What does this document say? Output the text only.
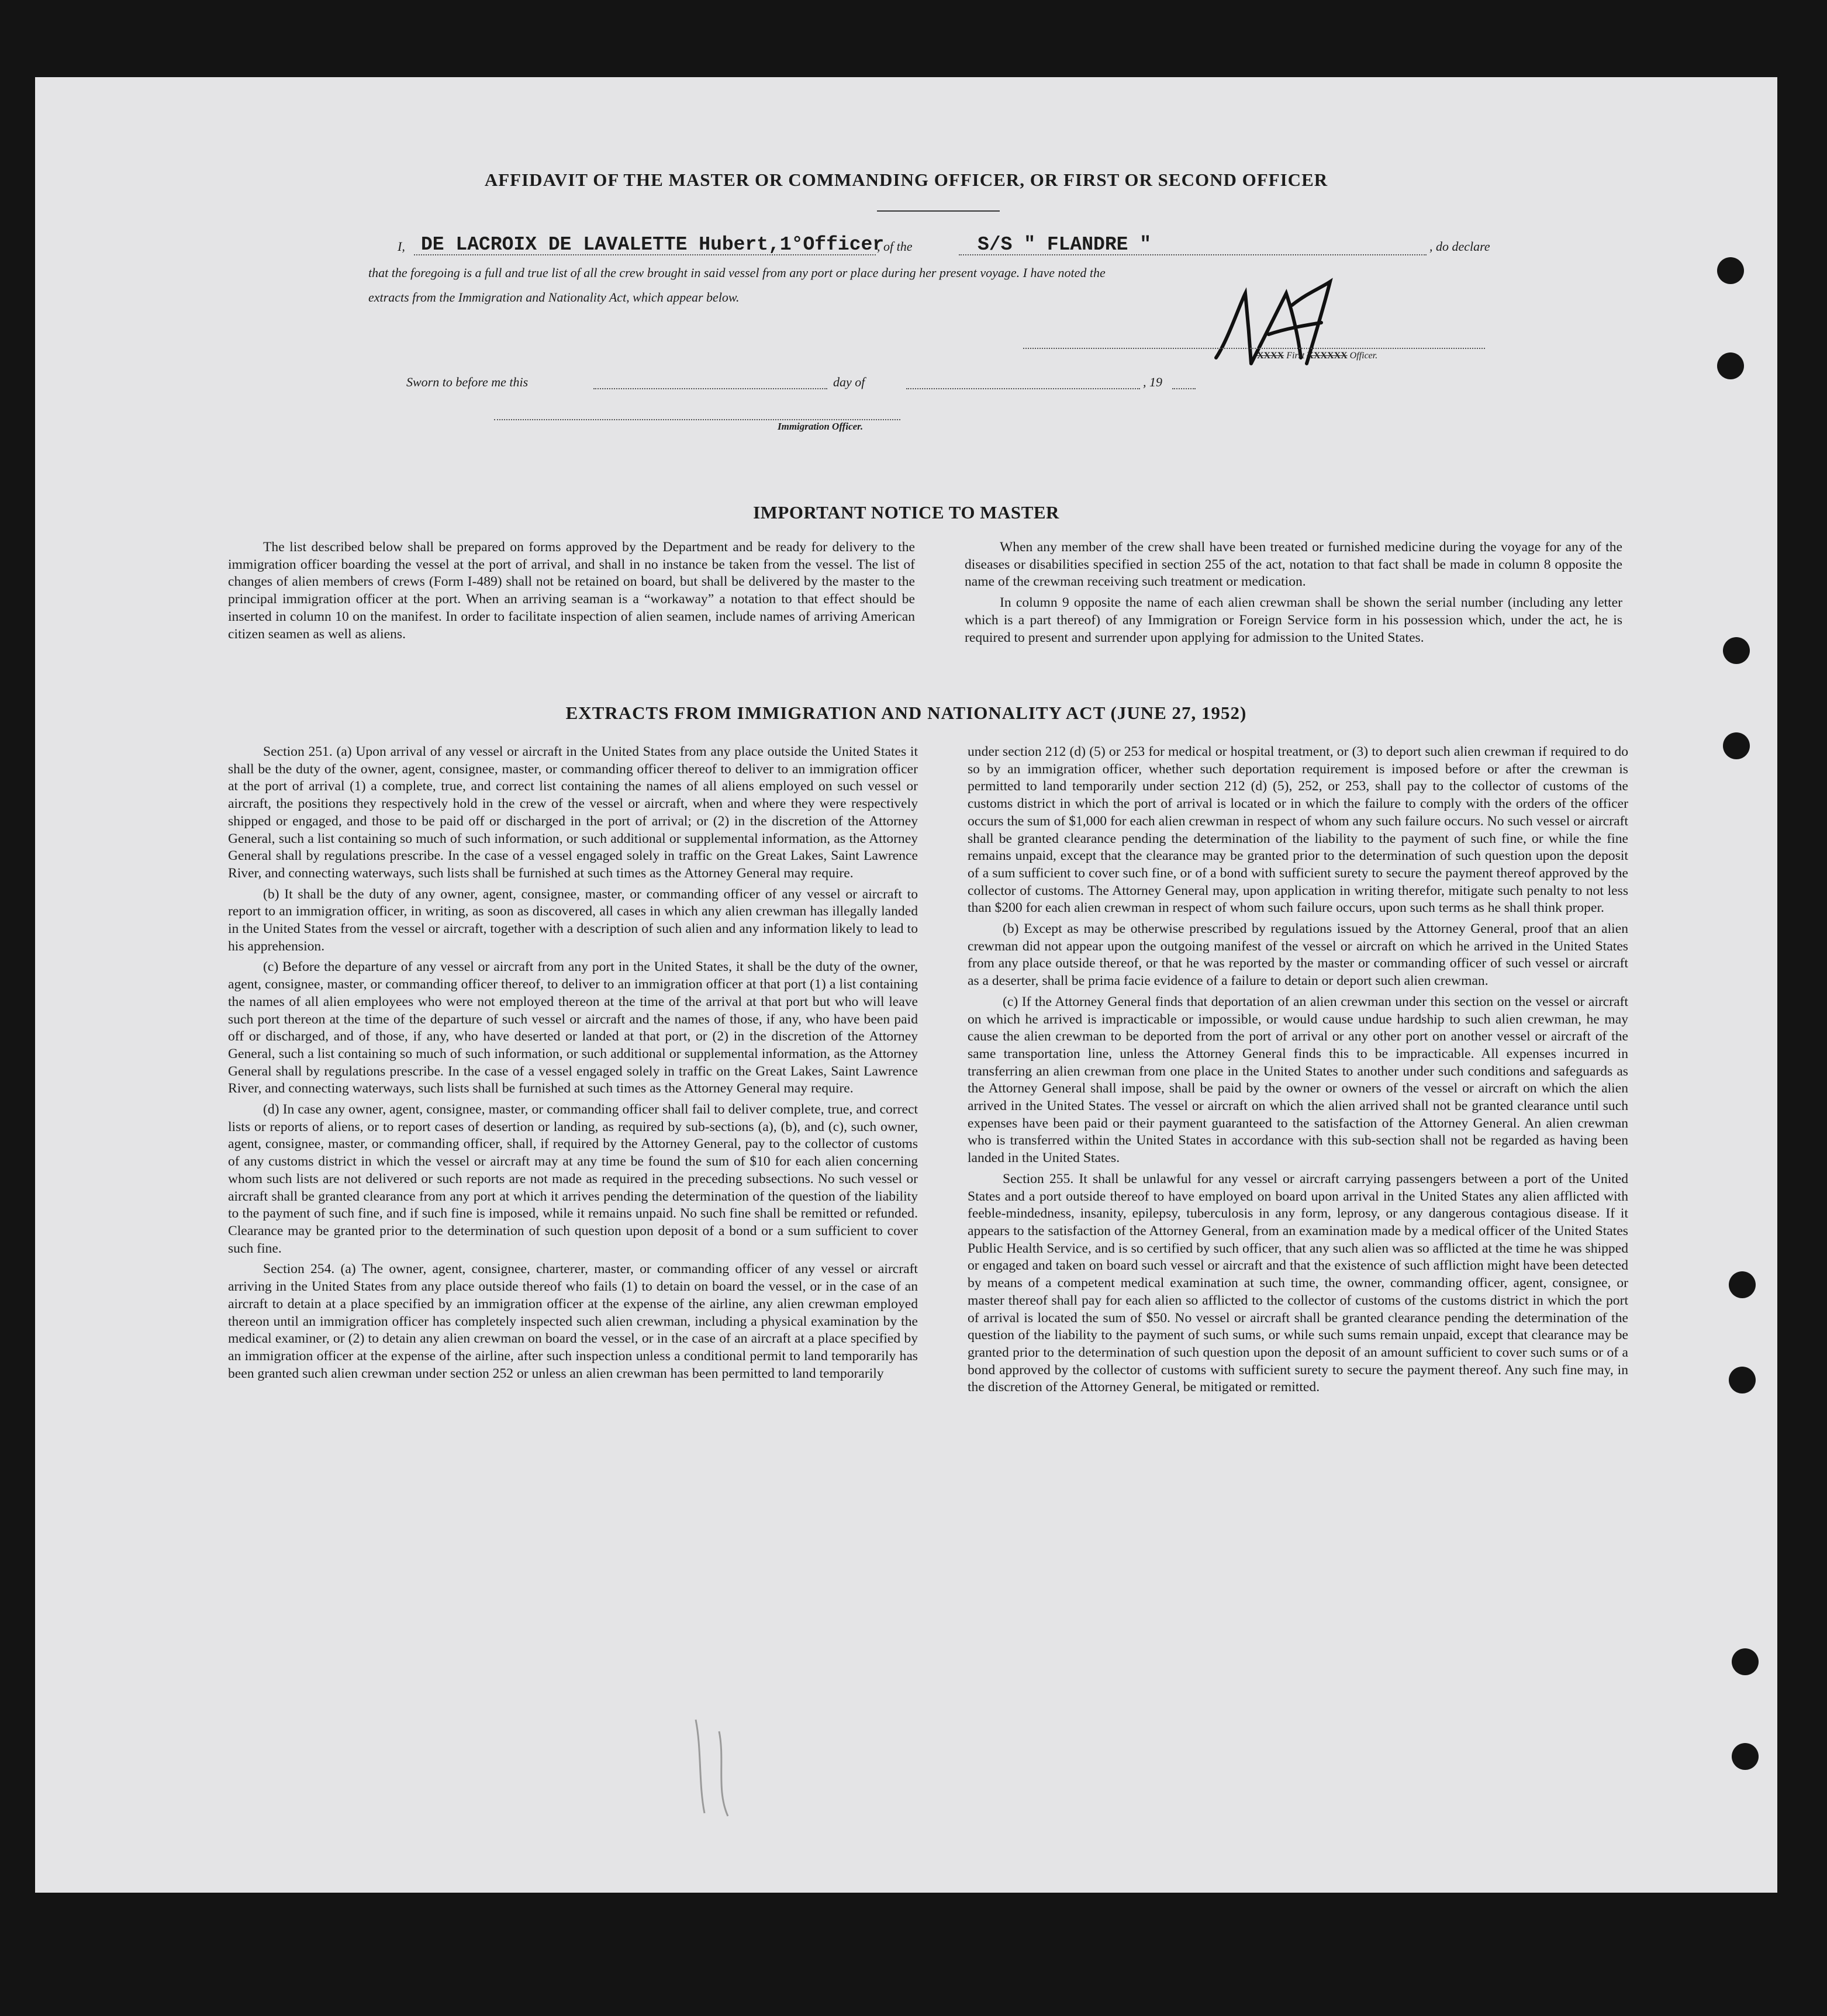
AFFIDAVIT OF THE MASTER OR COMMANDING OFFICER, OR FIRST OR SECOND OFFICER
I, DE LACROIX DE LAVALETTE Hubert,1°Officer
, of the	S/S " FLANDRE "	, do declare
that the foregoing is a full and true list of all the crew brought in said vessel from any port or place during her present voyage. I have noted the
extracts from the Immigration and Nationality Act, which appear below.
XXXX First XXXXXX Officer.
Sworn to before me this	day of	, 19
Immigration Officer.
IMPORTANT NOTICE TO MASTER

The list described below shall be prepared on forms approved by the Department and be ready for delivery to the immigration officer boarding the vessel at the port of arrival, and shall in no instance be taken from the vessel. The list of changes of alien members of crews (Form I-489) shall not be retained on board, but shall be delivered by the master to the principal immigration officer at the port. When an arriving seaman is a “workaway” a notation to that effect should be inserted in column 10 on the manifest. In order to facilitate inspection of alien seamen, include names of arriving American citizen seamen as well as aliens.

When any member of the crew shall have been treated or furnished medicine during the voyage for any of the diseases or disabilities specified in section 255 of the act, notation to that fact shall be made in column 8 opposite the name of the crewman receiving such treatment or medication.

In column 9 opposite the name of each alien crewman shall be shown the serial number (including any letter which is a part thereof) of any Immigration or Foreign Service form in his possession which, under the act, he is required to present and surrender upon applying for admission to the United States.

EXTRACTS FROM IMMIGRATION AND NATIONALITY ACT (JUNE 27, 1952)

Section 251. (a) Upon arrival of any vessel or aircraft in the United States from any place outside the United States it shall be the duty of the owner, agent, consignee, master, or commanding officer thereof to deliver to an immigration officer at the port of arrival (1) a complete, true, and correct list containing the names of all aliens employed on such vessel or aircraft, the positions they respectively hold in the crew of the vessel or aircraft, when and where they were respectively shipped or engaged, and those to be paid off or discharged in the port of arrival; or (2) in the discretion of the Attorney General, such a list containing so much of such information, or such additional or supplemental information, as the Attorney General shall by regulations prescribe. In the case of a vessel engaged solely in traffic on the Great Lakes, Saint Lawrence River, and connecting waterways, such lists shall be furnished at such times as the Attorney General may require.

(b) It shall be the duty of any owner, agent, consignee, master, or commanding officer of any vessel or aircraft to report to an immigration officer, in writing, as soon as discovered, all cases in which any alien crewman has illegally landed in the United States from the vessel or aircraft, together with a description of such alien and any information likely to lead to his apprehension.

(c) Before the departure of any vessel or aircraft from any port in the United States, it shall be the duty of the owner, agent, consignee, master, or commanding officer thereof, to deliver to an immigration officer at that port (1) a list containing the names of all alien employees who were not employed thereon at the time of the arrival at that port but who will leave such port thereon at the time of the departure of such vessel or aircraft and the names of those, if any, who have been paid off or discharged, and of those, if any, who have deserted or landed at that port, or (2) in the discretion of the Attorney General, such a list containing so much of such information, or such additional or supplemental information, as the Attorney General shall by regulations prescribe. In the case of a vessel engaged solely in traffic on the Great Lakes, Saint Lawrence River, and connecting waterways, such lists shall be furnished at such times as the Attorney General may require.

(d) In case any owner, agent, consignee, master, or commanding officer shall fail to deliver complete, true, and correct lists or reports of aliens, or to report cases of desertion or landing, as required by sub-sections (a), (b), and (c), such owner, agent, consignee, master, or commanding officer, shall, if required by the Attorney General, pay to the collector of customs of any customs district in which the vessel or aircraft may at any time be found the sum of $10 for each alien concerning whom such lists are not delivered or such reports are not made as required in the preceding subsections. No such vessel or aircraft shall be granted clearance from any port at which it arrives pending the determination of the question of the liability to the payment of such fine, and if such fine is imposed, while it remains unpaid. No such fine shall be remitted or refunded. Clearance may be granted prior to the determination of such question upon deposit of a bond or a sum sufficient to cover such fine.

Section 254. (a) The owner, agent, consignee, charterer, master, or commanding officer of any vessel or aircraft arriving in the United States from any place outside thereof who fails (1) to detain on board the vessel, or in the case of an aircraft to detain at a place specified by an immigration officer at the expense of the airline, any alien crewman employed thereon until an immigration officer has completely inspected such alien crewman, including a physical examination by the medical examiner, or (2) to detain any alien crewman on board the vessel, or in the case of an aircraft at a place specified by an immigration officer at the expense of the airline, after such inspection unless a conditional permit to land temporarily has been granted such alien crewman under section 252 or unless an alien crewman has been permitted to land temporarily

under section 212 (d) (5) or 253 for medical or hospital treatment, or (3) to deport such alien crewman if required to do so by an immigration officer, whether such deportation requirement is imposed before or after the crewman is permitted to land temporarily under section 212 (d) (5), 252, or 253, shall pay to the collector of customs of the customs district in which the port of arrival is located or in which the failure to comply with the orders of the officer occurs the sum of $1,000 for each alien crewman in respect of whom any such failure occurs. No such vessel or aircraft shall be granted clearance pending the determination of the liability to the payment of such fine, or while the fine remains unpaid, except that the clearance may be granted prior to the determination of such question upon the deposit of a sum sufficient to cover such fine, or of a bond with sufficient surety to secure the payment thereof approved by the collector of customs. The Attorney General may, upon application in writing therefor, mitigate such penalty to not less than $200 for each alien crewman in respect of whom such failure occurs, upon such terms as he shall think proper.

(b) Except as may be otherwise prescribed by regulations issued by the Attorney General, proof that an alien crewman did not appear upon the outgoing manifest of the vessel or aircraft on which he arrived in the United States from any place outside thereof, or that he was reported by the master or commanding officer of such vessel or aircraft as a deserter, shall be prima facie evidence of a failure to detain or deport such alien crewman.

(c) If the Attorney General finds that deportation of an alien crewman under this section on the vessel or aircraft on which he arrived is impracticable or impossible, or would cause undue hardship to such alien crewman, he may cause the alien crewman to be deported from the port of arrival or any other port on another vessel or aircraft of the same transportation line, unless the Attorney General finds this to be impracticable. All expenses incurred in transferring an alien crewman from one place in the United States to another under such conditions and safeguards as the Attorney General shall impose, shall be paid by the owner or owners of the vessel or aircraft on which the alien arrived in the United States. The vessel or aircraft on which the alien arrived shall not be granted clearance until such expenses have been paid or their payment guaranteed to the satisfaction of the Attorney General. An alien crewman who is transferred within the United States in accordance with this sub-section shall not be regarded as having been landed in the United States.

Section 255. It shall be unlawful for any vessel or aircraft carrying passengers between a port of the United States and a port outside thereof to have employed on board upon arrival in the United States any alien afflicted with feeble-mindedness, insanity, epilepsy, tuberculosis in any form, leprosy, or any dangerous contagious disease. If it appears to the satisfaction of the Attorney General, from an examination made by a medical officer of the United States Public Health Service, and is so certified by such officer, that any such alien was so afflicted at the time he was shipped or engaged and taken on board such vessel or aircraft and that the existence of such affliction might have been detected by means of a competent medical examination at such time, the owner, commanding officer, agent, consignee, or master thereof shall pay for each alien so afflicted to the collector of customs of the customs district in which the port of arrival is located the sum of $50. No vessel or aircraft shall be granted clearance pending the determination of the question of the liability to the payment of such sums, or while such sums remain unpaid, except that clearance may be granted prior to the determination of such question upon the deposit of an amount sufficient to cover such sums or of a bond approved by the collector of customs with sufficient surety to secure the payment thereof. Any such fine may, in the discretion of the Attorney General, be mitigated or remitted.
